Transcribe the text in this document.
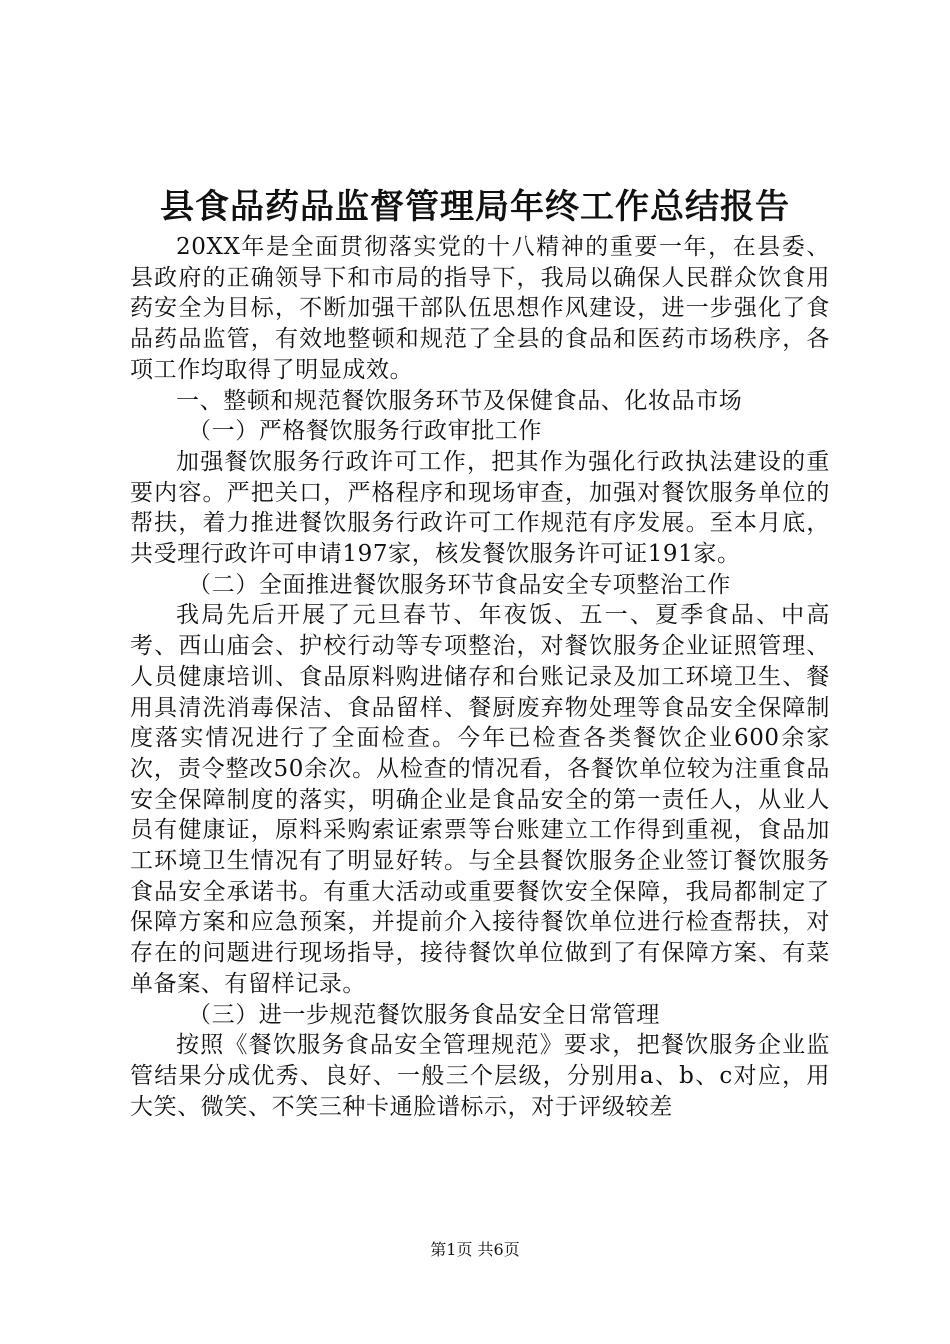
县食品药品监督管理局年终工作总结报告

20XX年是全面贯彻落实党的十八精神的重要一年，在县委、县政府的正确领导下和市局的指导下，我局以确保人民群众饮食用药安全为目标，不断加强干部队伍思想作风建设，进一步强化了食品药品监管，有效地整顿和规范了全县的食品和医药市场秩序，各项工作均取得了明显成效。

一、整顿和规范餐饮服务环节及保健食品、化妆品市场

（一）严格餐饮服务行政审批工作

加强餐饮服务行政许可工作，把其作为强化行政执法建设的重要内容。严把关口，严格程序和现场审查，加强对餐饮服务单位的帮扶，着力推进餐饮服务行政许可工作规范有序发展。至本月底，共受理行政许可申请197家，核发餐饮服务许可证191家。

（二）全面推进餐饮服务环节食品安全专项整治工作

我局先后开展了元旦春节、年夜饭、五一、夏季食品、中高考、西山庙会、护校行动等专项整治，对餐饮服务企业证照管理、人员健康培训、食品原料购进储存和台账记录及加工环境卫生、餐用具清洗消毒保洁、食品留样、餐厨废弃物处理等食品安全保障制度落实情况进行了全面检查。今年已检查各类餐饮企业600余家次，责令整改50余次。从检查的情况看，各餐饮单位较为注重食品安全保障制度的落实，明确企业是食品安全的第一责任人，从业人员有健康证，原料采购索证索票等台账建立工作得到重视，食品加工环境卫生情况有了明显好转。与全县餐饮服务企业签订餐饮服务食品安全承诺书。有重大活动或重要餐饮安全保障，我局都制定了保障方案和应急预案，并提前介入接待餐饮单位进行检查帮扶，对存在的问题进行现场指导，接待餐饮单位做到了有保障方案、有菜单备案、有留样记录。

（三）进一步规范餐饮服务食品安全日常管理

按照《餐饮服务食品安全管理规范》要求，把餐饮服务企业监管结果分成优秀、良好、一般三个层级，分别用a、b、c对应，用大笑、微笑、不笑三种卡通脸谱标示，对于评级较差

第1页 共6页
